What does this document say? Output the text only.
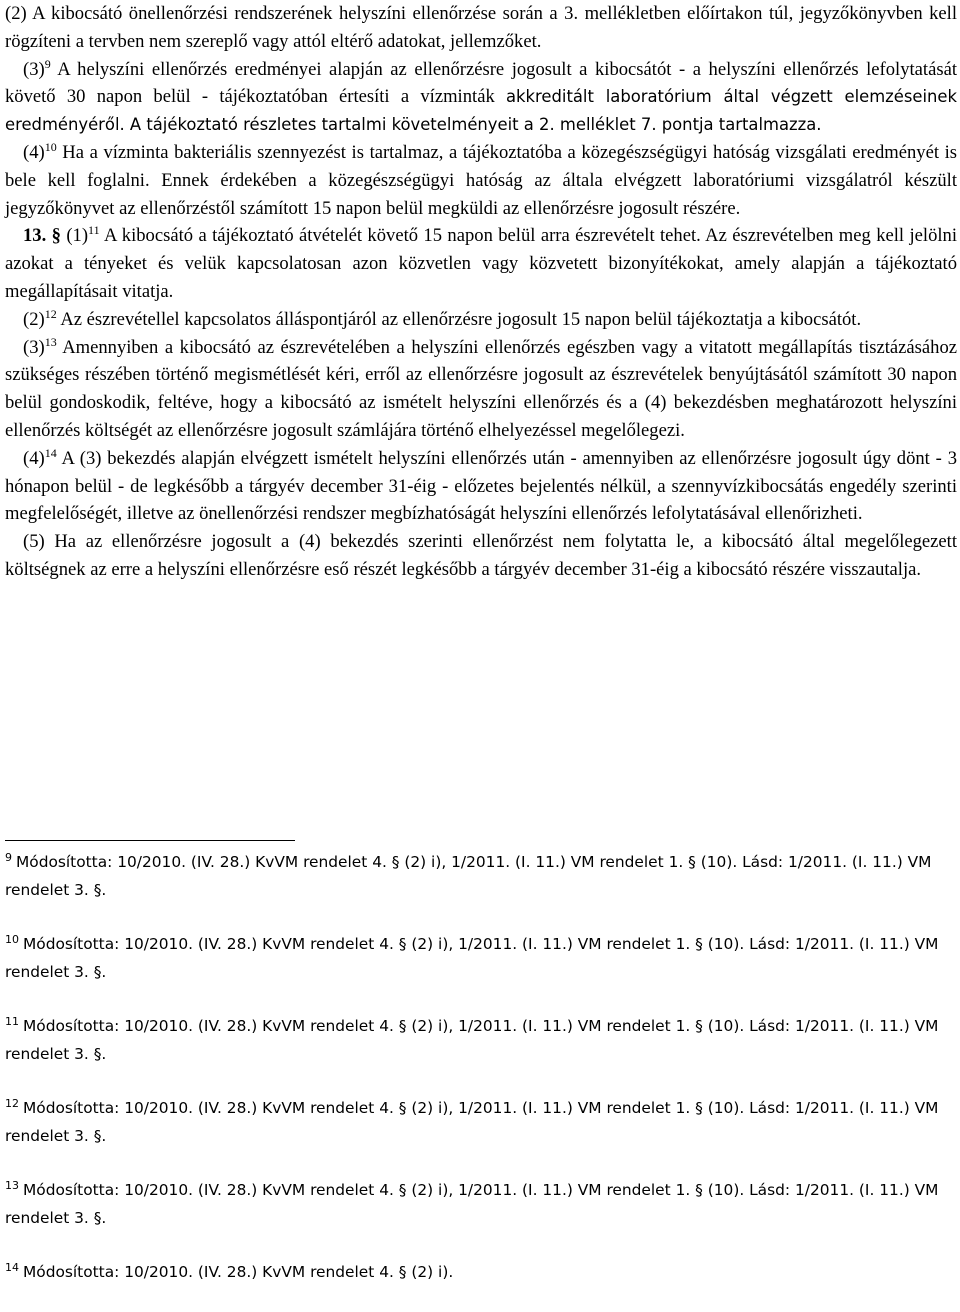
(2) A kibocsátó önellenőrzési rendszerének helyszíni ellenőrzése során a 3. mellékletben előírtakon túl, jegyzőkönyvben kell rögzíteni a tervben nem szereplő vagy attól eltérő adatokat, jellemzőket.

(3)$^9$ A helyszíni ellenőrzés eredményei alapján az ellenőrzésre jogosult a kibocsátót - a helyszíni ellenőrzés lefolytatását követő 30 napon belül - tájékoztatóban értesíti a vízminták akkreditált laboratórium által végzett elemzéseinek eredményéről. A tájékoztató részletes tartalmi követelményeit a 2. melléklet 7. pontja tartalmazza.

(4)$^{10}$ Ha a vízminta bakteriális szennyezést is tartalmaz, a tájékoztatóba a közegészségügyi hatóság vizsgálati eredményét is bele kell foglalni. Ennek érdekében a közegészségügyi hatóság az általa elvégzett laboratóriumi vizsgálatról készült jegyzőkönyvet az ellenőrzéstől számított 15 napon belül megküldi az ellenőrzésre jogosult részére.

13. § (1)$^{11}$ A kibocsátó a tájékoztató átvételét követő 15 napon belül arra észrevételt tehet. Az észrevételben meg kell jelölni azokat a tényeket és velük kapcsolatosan azon közvetlen vagy közvetett bizonyítékokat, amely alapján a tájékoztató megállapításait vitatja.

(2)$^{12}$ Az észrevétellel kapcsolatos álláspontjáról az ellenőrzésre jogosult 15 napon belül tájékoztatja a kibocsátót.

(3)$^{13}$ Amennyiben a kibocsátó az észrevételében a helyszíni ellenőrzés egészben vagy a vitatott megállapítás tisztázásához szükséges részében történő megismétlését kéri, erről az ellenőrzésre jogosult az észrevételek benyújtásától számított 30 napon belül gondoskodik, feltéve, hogy a kibocsátó az ismételt helyszíni ellenőrzés és a (4) bekezdésben meghatározott helyszíni ellenőrzés költségét az ellenőrzésre jogosult számlájára történő elhelyezéssel megelőlegezi.

(4)$^{14}$ A (3) bekezdés alapján elvégzett ismételt helyszíni ellenőrzés után - amennyiben az ellenőrzésre jogosult úgy dönt - 3 hónapon belül - de legkésőbb a tárgyév december 31-éig - előzetes bejelentés nélkül, a szennyvízkibocsátás engedély szerinti megfelelőségét, illetve az önellenőrzési rendszer megbízhatóságát helyszíni ellenőrzés lefolytatásával ellenőrizheti.

(5) Ha az ellenőrzésre jogosult a (4) bekezdés szerinti ellenőrzést nem folytatta le, a kibocsátó által megelőlegezett költségnek az erre a helyszíni ellenőrzésre eső részét legkésőbb a tárgyév december 31-éig a kibocsátó részére visszautalja.

$^9$ Módosította: 10/2010. (IV. 28.) KvVM rendelet 4. § (2) i), 1/2011. (I. 11.) VM rendelet 1. § (10). Lásd: 1/2011. (I. 11.) VM rendelet 3. §.

$^{10}$ Módosította: 10/2010. (IV. 28.) KvVM rendelet 4. § (2) i), 1/2011. (I. 11.) VM rendelet 1. § (10). Lásd: 1/2011. (I. 11.) VM rendelet 3. §.

$^{11}$ Módosította: 10/2010. (IV. 28.) KvVM rendelet 4. § (2) i), 1/2011. (I. 11.) VM rendelet 1. § (10). Lásd: 1/2011. (I. 11.) VM rendelet 3. §.

$^{12}$ Módosította: 10/2010. (IV. 28.) KvVM rendelet 4. § (2) i), 1/2011. (I. 11.) VM rendelet 1. § (10). Lásd: 1/2011. (I. 11.) VM rendelet 3. §.

$^{13}$ Módosította: 10/2010. (IV. 28.) KvVM rendelet 4. § (2) i), 1/2011. (I. 11.) VM rendelet 1. § (10). Lásd: 1/2011. (I. 11.) VM rendelet 3. §.

$^{14}$ Módosította: 10/2010. (IV. 28.) KvVM rendelet 4. § (2) i).
